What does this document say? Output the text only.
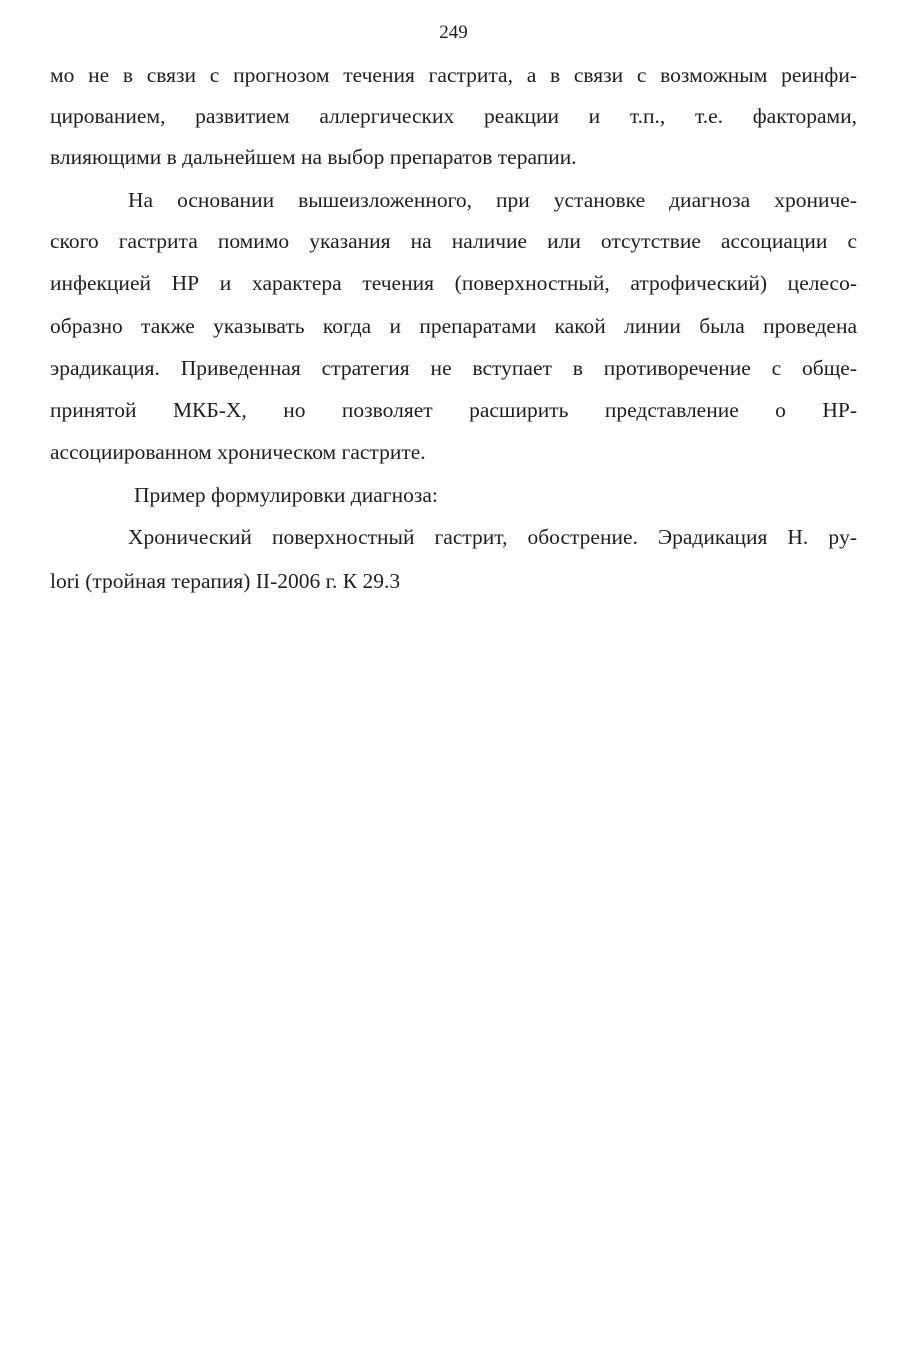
249
мо не в связи с прогнозом течения гастрита, а в связи с возможным реинфи-
цированием, развитием аллергических реакции и т.п., т.е. факторами,
влияющими в дальнейшем на выбор препаратов терапии.
На основании вышеизложенного, при установке диагноза хрониче-
ского гастрита помимо указания на наличие или отсутствие ассоциации с
инфекцией НР и характера течения (поверхностный, атрофический) целесо-
образно также указывать когда и препаратами какой линии была проведена
эрадикация. Приведенная стратегия не вступает в противоречение с обще-
принятой МКБ-Х, но позволяет расширить представление о НР-
ассоциированном хроническом гастрите.
Пример формулировки диагноза:
Хронический поверхностный гастрит, обострение. Эрадикация H. py-
lori (тройная терапия) II-2006 г. К 29.3
